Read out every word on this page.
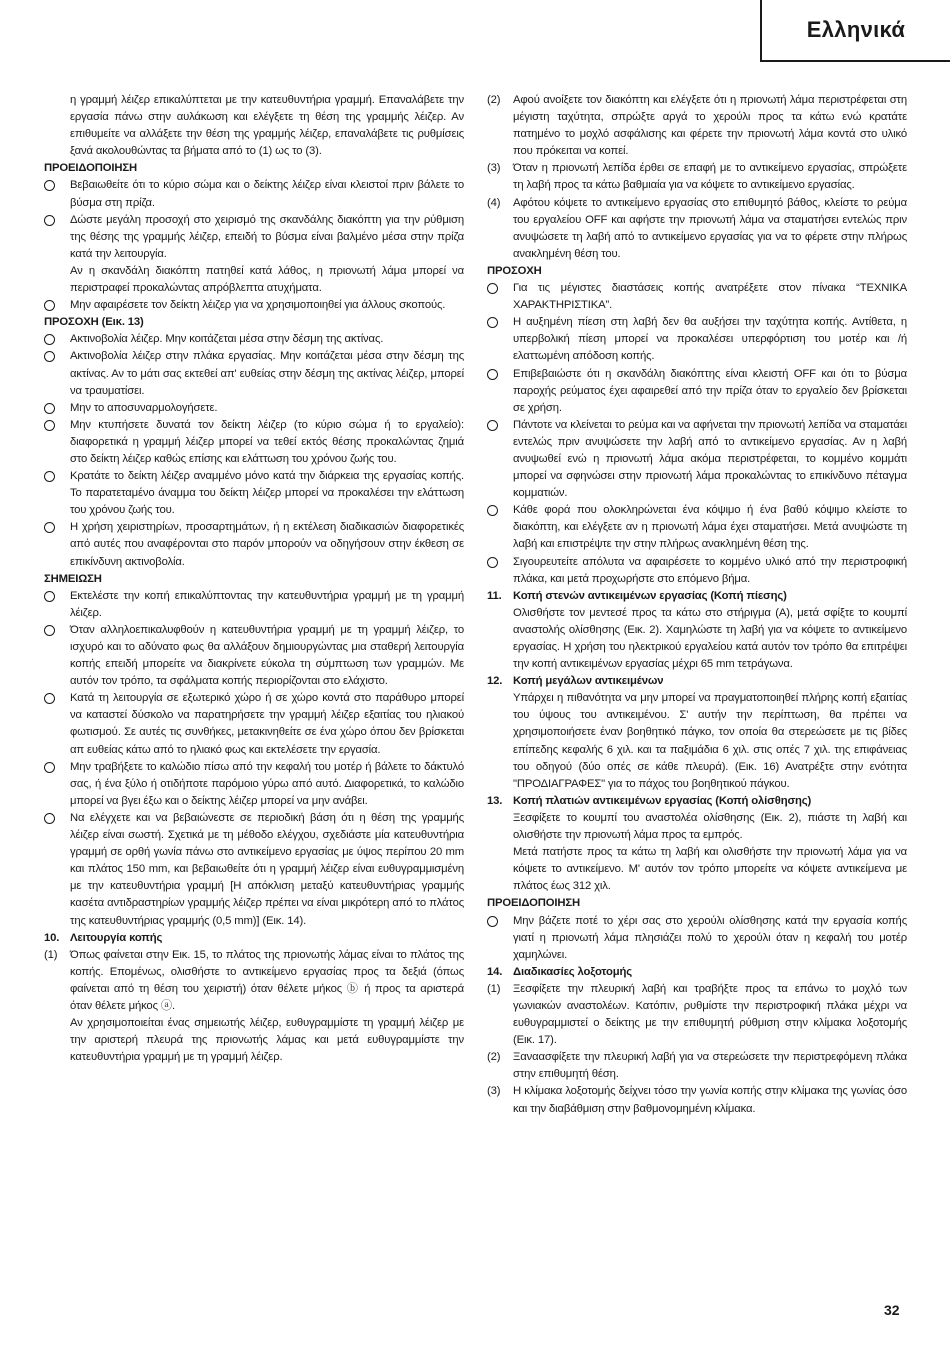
Ελληνικά
η γραμμή λέιζερ επικαλύπτεται με την κατευθυντήρια γραμμή. Επαναλάβετε την εργασία πάνω στην αυλάκωση και ελέγξετε τη θέση της γραμμής λέιζερ. Αν επιθυμείτε να αλλάξετε την θέση της γραμμής λέιζερ, επαναλάβετε τις ρυθμίσεις ξανά ακολουθώντας τα βήματα από το (1) ως το (3).
ΠΡΟΕΙΔΟΠΟΙΗΣΗ
Βεβαιωθείτε ότι το κύριο σώμα και ο δείκτης λέιζερ είναι κλειστοί πριν βάλετε το βύσμα στη πρίζα.
Δώστε μεγάλη προσοχή στο χειρισμό της σκανδάλης διακόπτη για την ρύθμιση της θέσης της γραμμής λέιζερ, επειδή το βύσμα είναι βαλμένο μέσα στην πρίζα κατά την λειτουργία.
Αν η σκανδάλη διακόπτη πατηθεί κατά λάθος, η πριονωτή λάμα μπορεί να περιστραφεί προκαλώντας απρόβλεπτα ατυχήματα.
Μην αφαιρέσετε τον δείκτη λέιζερ για να χρησιμοποιηθεί για άλλους σκοπούς.
ΠΡΟΣΟΧΗ (Εικ. 13)
Ακτινοβολία λέιζερ. Μην κοιτάζεται μέσα στην δέσμη της ακτίνας.
Ακτινοβολία λέιζερ στην πλάκα εργασίας. Μην κοιτάζεται μέσα στην δέσμη της ακτίνας. Αν το μάτι σας εκτεθεί απ' ευθείας στην δέσμη της ακτίνας λέιζερ, μπορεί να τραυματίσει.
Μην το αποσυναρμολογήσετε.
Μην κτυπήσετε δυνατά τον δείκτη λέιζερ (το κύριο σώμα ή το εργαλείο): διαφορετικά η γραμμή λέιζερ μπορεί να τεθεί εκτός θέσης προκαλώντας ζημιά στο δείκτη λέιζερ καθώς επίσης και ελάττωση του χρόνου ζωής του.
Κρατάτε το δείκτη λέιζερ αναμμένο μόνο κατά την διάρκεια της εργασίας κοπής. Το παρατεταμένο άναμμα του δείκτη λέιζερ μπορεί να προκαλέσει την ελάττωση του χρόνου ζωής του.
Η χρήση χειριστηρίων, προσαρτημάτων, ή η εκτέλεση διαδικασιών διαφορετικές από αυτές που αναφέρονται στο παρόν μπορούν να οδηγήσουν στην έκθεση σε επικίνδυνη ακτινοβολία.
ΣΗΜΕΙΩΣΗ
Εκτελέστε την κοπή επικαλύπτοντας την κατευθυντήρια γραμμή με τη γραμμή λέιζερ.
Όταν αλληλοεπικαλυφθούν η κατευθυντήρια γραμμή με τη γραμμή λέιζερ, το ισχυρό και το αδύνατο φως θα αλλάξουν δημιουργώντας μια σταθερή λειτουργία κοπής επειδή μπορείτε να διακρίνετε εύκολα τη σύμπτωση των γραμμών. Με αυτόν τον τρόπο, τα σφάλματα κοπής περιορίζονται στο ελάχιστο.
Κατά τη λειτουργία σε εξωτερικό χώρο ή σε χώρο κοντά στο παράθυρο μπορεί να καταστεί δύσκολο να παρατηρήσετε την γραμμή λέιζερ εξαιτίας του ηλιακού φωτισμού. Σε αυτές τις συνθήκες, μετακινηθείτε σε ένα χώρο όπου δεν βρίσκεται απ ευθείας κάτω από το ηλιακό φως και εκτελέσετε την εργασία.
Μην τραβήξετε το καλώδιο πίσω από την κεφαλή του μοτέρ ή βάλετε το δάκτυλό σας, ή ένα ξύλο ή οτιδήποτε παρόμοιο γύρω από αυτό. Διαφορετικά, το καλώδιο μπορεί να βγει έξω και ο δείκτης λέιζερ μπορεί να μην ανάβει.
Να ελέγχετε και να βεβαιώνεστε σε περιοδική βάση ότι η θέση της γραμμής λέιζερ είναι σωστή. Σχετικά με τη μέθοδο ελέγχου, σχεδιάστε μία κατευθυντήρια γραμμή σε ορθή γωνία πάνω στο αντικείμενο εργασίας με ύψος περίπου 20 mm και πλάτος 150 mm, και βεβαιωθείτε ότι η γραμμή λέιζερ είναι ευθυγραμμισμένη με την κατευθυντήρια γραμμή [Η απόκλιση μεταξύ κατευθυντήριας γραμμής κασέτα αντιδραστηρίων γραμμής λέιζερ πρέπει να είναι μικρότερη από το πλάτος της κατευθυντήριας γραμμής (0,5 mm)] (Εικ. 14).
10. Λειτουργία κοπής
(1)	Όπως φαίνεται στην Εικ. 15, το πλάτος της πριονωτής λάμας είναι το πλάτος της κοπής. Επομένως, ολισθήστε το αντικείμενο εργασίας προς τα δεξιά (όπως φαίνεται από τη θέση του χειριστή) όταν θέλετε μήκος ⓑ ή προς τα αριστερά όταν θέλετε μήκος ⓐ.
Αν χρησιμοποιείται ένας σημειωτής λέιζερ, ευθυγραμμίστε τη γραμμή λέιζερ με την αριστερή πλευρά της πριονωτής λάμας και μετά ευθυγραμμίστε την κατευθυντήρια γραμμή με τη γραμμή λέιζερ.
(2)	Αφού ανοίξετε τον διακόπτη και ελέγξετε ότι η πριονωτή λάμα περιστρέφεται στη μέγιστη ταχύτητα, σπρώξτε αργά το χερούλι προς τα κάτω ενώ κρατάτε πατημένο το μοχλό ασφάλισης και φέρετε την πριονωτή λάμα κοντά στο υλικό που πρόκειται να κοπεί.
(3)	Όταν η πριονωτή λεπίδα έρθει σε επαφή με το αντικείμενο εργασίας, σπρώξετε τη λαβή προς τα κάτω βαθμιαία για να κόψετε το αντικείμενο εργασίας.
(4)	Αφότου κόψετε το αντικείμενο εργασίας στο επιθυμητό βάθος, κλείστε το ρεύμα του εργαλείου OFF και αφήστε την πριονωτή λάμα να σταματήσει εντελώς πριν ανυψώσετε τη λαβή από το αντικείμενο εργασίας για να το φέρετε στην πλήρως ανακλημένη θέση του.
ΠΡΟΣΟΧΗ
Για τις μέγιστες διαστάσεις κοπής ανατρέξετε στον πίνακα “ΤΕΧΝΙΚΑ ΧΑΡΑΚΤΗΡΙΣΤΙΚΑ”.
Η αυξημένη πίεση στη λαβή δεν θα αυξήσει την ταχύτητα κοπής. Αντίθετα, η υπερβολική πίεση μπορεί να προκαλέσει υπερφόρτιση του μοτέρ και /ή ελαττωμένη απόδοση κοπής.
Επιβεβαιώστε ότι η σκανδάλη διακόπτης είναι κλειστή OFF και ότι το βύσμα παροχής ρεύματος έχει αφαιρεθεί από την πρίζα όταν το εργαλείο δεν βρίσκεται σε χρήση.
Πάντοτε να κλείνεται το ρεύμα και να αφήνεται την πριονωτή λεπίδα να σταματάει εντελώς πριν ανυψώσετε την λαβή από το αντικείμενο εργασίας. Αν η λαβή ανυψωθεί ενώ η πριονωτή λάμα ακόμα περιστρέφεται, το κομμένο κομμάτι μπορεί να σφηνώσει στην πριονωτή λάμα προκαλώντας το επικίνδυνο πέταγμα κομματιών.
Κάθε φορά που ολοκληρώνεται ένα κόψιμο ή ένα βαθύ κόψιμο κλείστε το διακόπτη, και ελέγξετε αν η πριονωτή λάμα έχει σταματήσει. Μετά ανυψώστε τη λαβή και επιστρέψτε την στην πλήρως ανακλημένη θέση της.
Σιγουρευτείτε απόλυτα να αφαιρέσετε το κομμένο υλικό από την περιστροφική πλάκα, και μετά προχωρήστε στο επόμενο βήμα.
11.	Κοπή στενών αντικειμένων εργασίας (Κοπή πίεσης)
Ολισθήστε τον μεντεσέ προς τα κάτω στο στήριγμα (A), μετά σφίξτε το κουμπί αναστολής ολίσθησης (Εικ. 2). Χαμηλώστε τη λαβή για να κόψετε το αντικείμενο εργασίας. Η χρήση του ηλεκτρικού εργαλείου κατά αυτόν τον τρόπο θα επιτρέψει την κοπή αντικειμένων εργασίας μέχρι 65 mm τετράγωνα.
12. Κοπή μεγάλων αντικειμένων
Υπάρχει η πιθανότητα να μην μπορεί να πραγματοποιηθεί πλήρης κοπή εξαιτίας του ύψους του αντικειμένου. Σ' αυτήν την περίπτωση, θα πρέπει να χρησιμοποιήσετε έναν βοηθητικό πάγκο, τον οποία θα στερεώσετε με τις βίδες επίπεδης κεφαλής 6 χιλ. και τα παξιμάδια 6 χιλ. στις οπές 7 χιλ. της επιφάνειας του οδηγού (δύο οπές σε κάθε πλευρά). (Εικ. 16) Ανατρέξτε στην ενότητα "ΠΡΟΔΙΑΓΡΑΦΕΣ" για το πάχος του βοηθητικού πάγκου.
13. Κοπή πλατιών αντικειμένων εργασίας (Κοπή ολίσθησης)
Ξεσφίξετε το κουμπί του αναστολέα ολίσθησης (Εικ. 2), πιάστε τη λαβή και ολισθήστε την πριονωτή λάμα προς τα εμπρός.
Μετά πατήστε προς τα κάτω τη λαβή και ολισθήστε την πριονωτή λάμα για να κόψετε το αντικείμενο. Μ' αυτόν τον τρόπο μπορείτε να κόψετε αντικείμενα με πλάτος έως 312 χιλ.
ΠΡΟΕΙΔΟΠΟΙΗΣΗ
Μην βάζετε ποτέ το χέρι σας στο χερούλι ολίσθησης κατά την εργασία κοπής γιατί η πριονωτή λάμα πλησιάζει πολύ το χερούλι όταν η κεφαλή του μοτέρ χαμηλώνει.
14. Διαδικασίες λοξοτομής
(1)	Ξεσφίξετε την πλευρική λαβή και τραβήξτε προς τα επάνω το μοχλό των γωνιακών αναστολέων. Κατόπιν, ρυθμίστε την περιστροφική πλάκα μέχρι να ευθυγραμμιστεί ο δείκτης με την επιθυμητή ρύθμιση στην κλίμακα λοξοτομής (Εικ. 17).
(2)	Ξαναασφίξετε την πλευρική λαβή για να στερεώσετε την περιστρεφόμενη πλάκα στην επιθυμητή θέση.
(3)	Η κλίμακα λοξοτομής δείχνει τόσο την γωνία κοπής στην κλίμακα της γωνίας όσο και την διαβάθμιση στην βαθμονομημένη κλίμακα.
32
